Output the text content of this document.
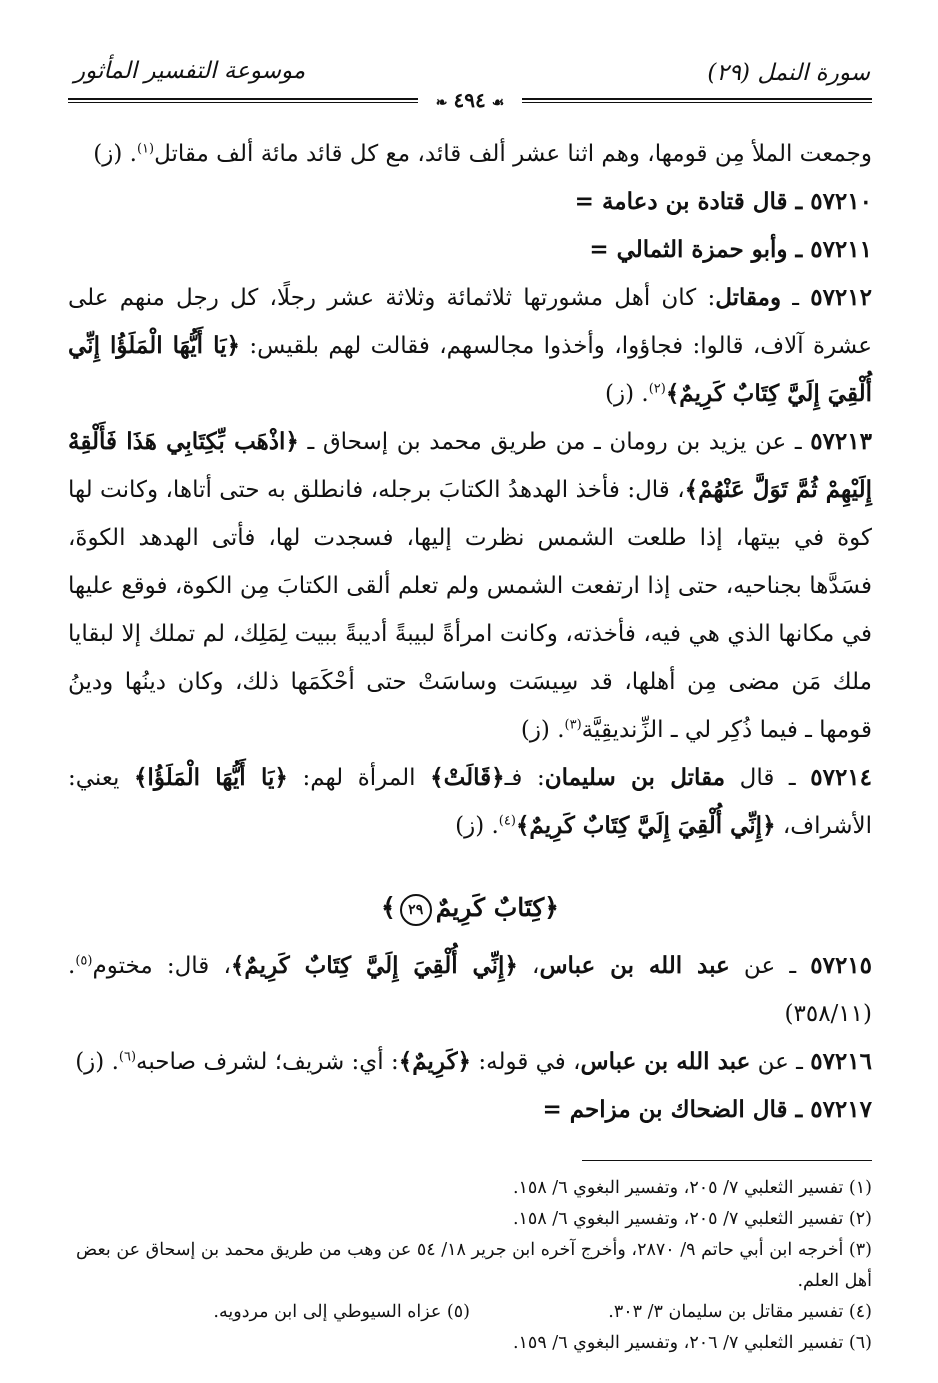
سورة النمل (٢٩)
موسوعة التفسير المأثور
☙٤٩٤❧

وجمعت الملأ مِن قومها، وهم اثنا عشر ألف قائد، مع كل قائد مائة ألف مقاتل$^{(١)}$. (ز)

٥٧٢١٠ ـ قال قتادة بن دعامة =

٥٧٢١١ ـ وأبو حمزة الثمالي =

٥٧٢١٢ ـ ومقاتل: كان أهل مشورتها ثلاثمائة وثلاثة عشر رجلًا، كل رجل منهم على عشرة آلاف، قالوا: فجاؤوا، وأخذوا مجالسهم، فقالت لهم بلقيس: ﴿يَا أَيُّهَا الْمَلَؤُا إِنِّي أُلْقِيَ إِلَيَّ كِتَابٌ كَرِيمٌ﴾$^{(٢)}$. (ز)

٥٧٢١٣ ـ عن يزيد بن رومان ـ من طريق محمد بن إسحاق ـ ﴿اذْهَب بِّكِتَابِي هَذَا فَأَلْقِهْ إِلَيْهِمْ ثُمَّ تَوَلَّ عَنْهُمْ﴾، قال: فأخذ الهدهدُ الكتابَ برجله، فانطلق به حتى أتاها، وكانت لها كوة في بيتها، إذا طلعت الشمس نظرت إليها، فسجدت لها، فأتى الهدهد الكوةَ، فسَدَّها بجناحيه، حتى إذا ارتفعت الشمس ولم تعلم ألقى الكتابَ مِن الكوة، فوقع عليها في مكانها الذي هي فيه، فأخذته، وكانت امرأةً لبيبةً أديبةً ببيت لِمَلِك، لم تملك إلا لبقايا ملك مَن مضى مِن أهلها، قد سِيسَت وساسَتْ حتى أحْكَمَها ذلك، وكان دينُها ودينُ قومها ـ فيما ذُكِر لي ـ الزِّنديقِيَّة$^{(٣)}$. (ز)

٥٧٢١٤ ـ قال مقاتل بن سليمان: فـ﴿قَالَتْ﴾ المرأة لهم: ﴿يَا أَيُّهَا الْمَلَؤُا﴾ يعني: الأشراف، ﴿إِنِّي أُلْقِيَ إِلَيَّ كِتَابٌ كَرِيمٌ﴾$^{(٤)}$. (ز)

﴿كِتَابٌ كَرِيمٌ٢٩﴾

٥٧٢١٥ ـ عن عبد الله بن عباس، ﴿إِنِّي أُلْقِيَ إِلَيَّ كِتَابٌ كَرِيمٌ﴾، قال: مختوم$^{(٥)}$. (٣٥٨/١١)

٥٧٢١٦ ـ عن عبد الله بن عباس، في قوله: ﴿كَرِيمٌ﴾: أي: شريف؛ لشرف صاحبه$^{(٦)}$. (ز)

٥٧٢١٧ ـ قال الضحاك بن مزاحم =

(١) تفسير الثعلبي ٧/ ٢٠٥، وتفسير البغوي ٦/ ١٥٨.

(٢) تفسير الثعلبي ٧/ ٢٠٥، وتفسير البغوي ٦/ ١٥٨.

(٣) أخرجه ابن أبي حاتم ٩/ ٢٨٧٠، وأخرج آخره ابن جرير ١٨/ ٥٤ عن وهب من طريق محمد بن إسحاق عن بعض أهل العلم.

(٤) تفسير مقاتل بن سليمان ٣/ ٣٠٣.

(٥) عزاه السيوطي إلى ابن مردويه.

(٦) تفسير الثعلبي ٧/ ٢٠٦، وتفسير البغوي ٦/ ١٥٩.
